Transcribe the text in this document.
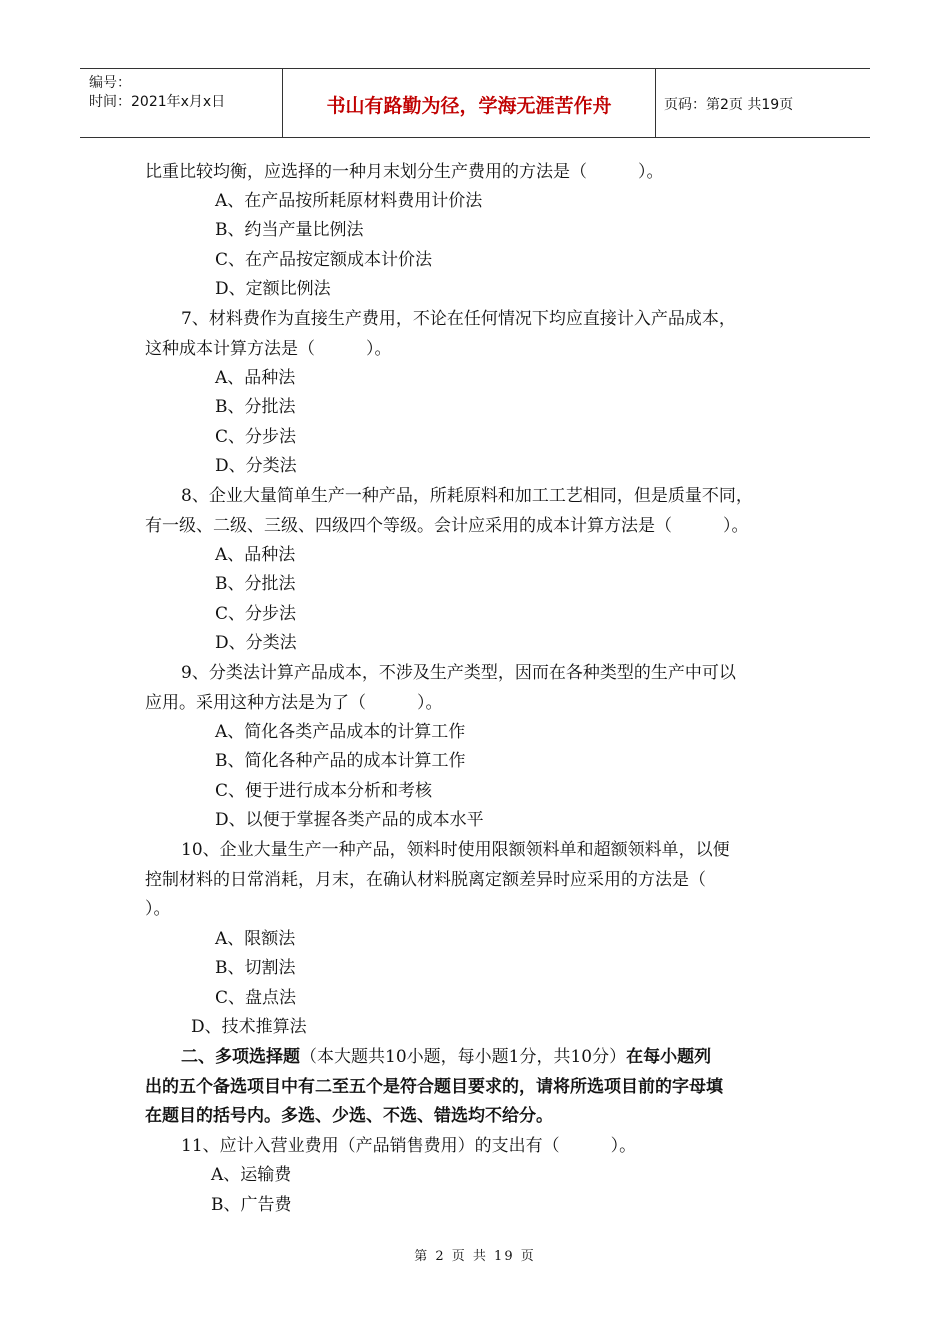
编号：
时间：2021年x月x日	书山有路勤为径，学海无涯苦作舟	页码：第2页 共19页
比重比较均衡，应选择的一种月末划分生产费用的方法是（　　　）。
A、在产品按所耗原材料费用计价法
B、约当产量比例法
C、在产品按定额成本计价法
D、定额比例法
7、材料费作为直接生产费用，不论在任何情况下均应直接计入产品成本，
这种成本计算方法是（　　　）。
A、品种法
B、分批法
C、分步法
D、分类法
8、企业大量简单生产一种产品，所耗原料和加工工艺相同，但是质量不同，
有一级、二级、三级、四级四个等级。会计应采用的成本计算方法是（　　　）。
A、品种法
B、分批法
C、分步法
D、分类法
9、分类法计算产品成本，不涉及生产类型，因而在各种类型的生产中可以
应用。采用这种方法是为了（　　　）。
A、简化各类产品成本的计算工作
B、简化各种产品的成本计算工作
C、便于进行成本分析和考核
D、以便于掌握各类产品的成本水平
10、企业大量生产一种产品，领料时使用限额领料单和超额领料单，以便
控制材料的日常消耗，月末，在确认材料脱离定额差异时应采用的方法是（
）。
A、限额法
B、切割法
C、盘点法
D、技术推算法
二、多项选择题（本大题共10小题，每小题1分，共10分）在每小题列
出的五个备选项目中有二至五个是符合题目要求的，请将所选项目前的字母填
在题目的括号内。多选、少选、不选、错选均不给分。
11、应计入营业费用（产品销售费用）的支出有（　　　）。
A、运输费
B、广告费
第 2 页 共 19 页
